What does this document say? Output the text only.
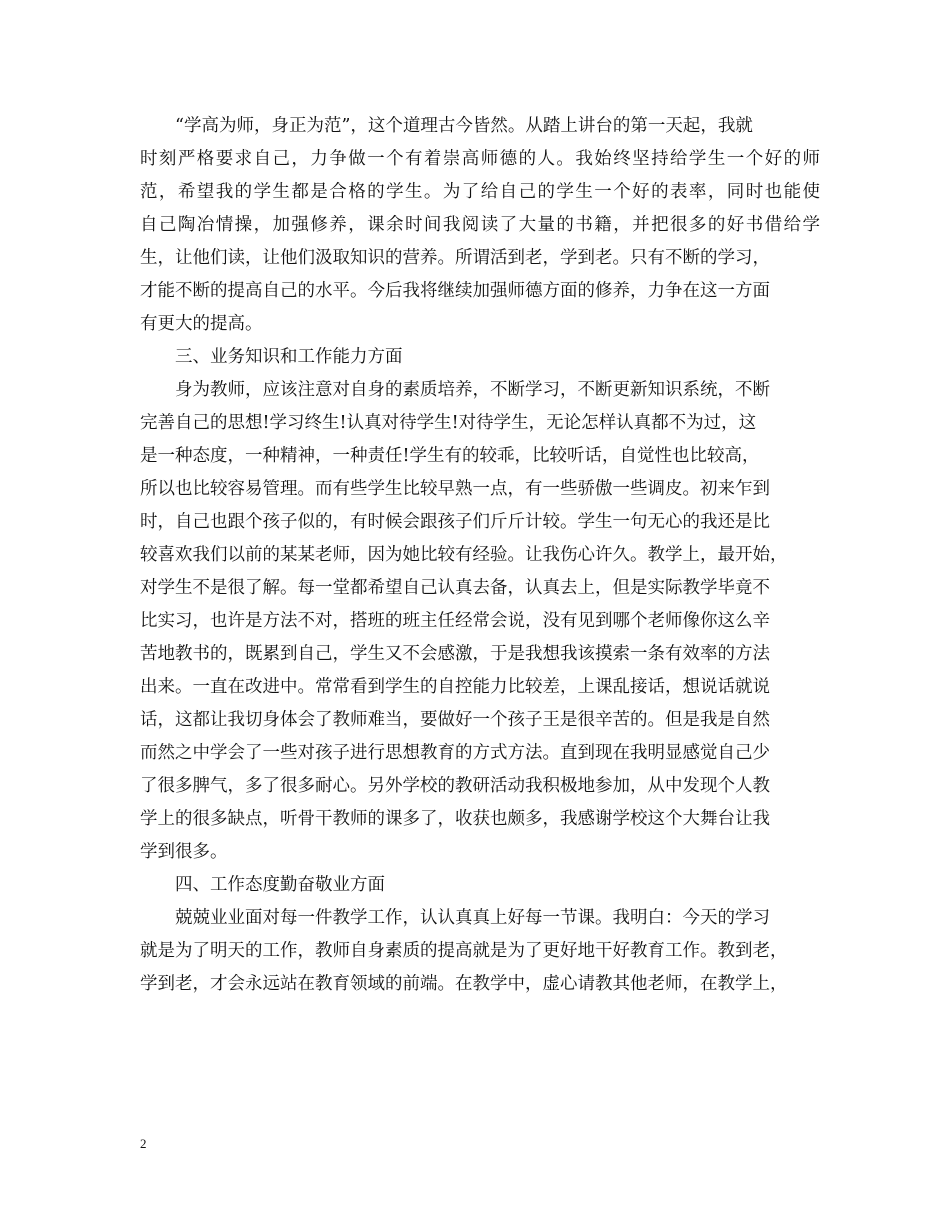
“学高为师，身正为范”，这个道理古今皆然。从踏上讲台的第一天起，我就
时刻严格要求自己，力争做一个有着崇高师德的人。我始终坚持给学生一个好的师
范，希望我的学生都是合格的学生。为了给自己的学生一个好的表率，同时也能使
自己陶冶情操，加强修养，课余时间我阅读了大量的书籍，并把很多的好书借给学
生，让他们读，让他们汲取知识的营养。所谓活到老，学到老。只有不断的学习，
才能不断的提高自己的水平。今后我将继续加强师德方面的修养，力争在这一方面
有更大的提高。
三、业务知识和工作能力方面
身为教师，应该注意对自身的素质培养，不断学习，不断更新知识系统，不断
完善自己的思想!学习终生!认真对待学生!对待学生，无论怎样认真都不为过，这
是一种态度，一种精神，一种责任!学生有的较乖，比较听话，自觉性也比较高，
所以也比较容易管理。而有些学生比较早熟一点，有一些骄傲一些调皮。初来乍到
时，自己也跟个孩子似的，有时候会跟孩子们斤斤计较。学生一句无心的我还是比
较喜欢我们以前的某某老师，因为她比较有经验。让我伤心许久。教学上，最开始，
对学生不是很了解。每一堂都希望自己认真去备，认真去上，但是实际教学毕竟不
比实习，也许是方法不对，搭班的班主任经常会说，没有见到哪个老师像你这么辛
苦地教书的，既累到自己，学生又不会感激，于是我想我该摸索一条有效率的方法
出来。一直在改进中。常常看到学生的自控能力比较差，上课乱接话，想说话就说
话，这都让我切身体会了教师难当，要做好一个孩子王是很辛苦的。但是我是自然
而然之中学会了一些对孩子进行思想教育的方式方法。直到现在我明显感觉自己少
了很多脾气，多了很多耐心。另外学校的教研活动我积极地参加，从中发现个人教
学上的很多缺点，听骨干教师的课多了，收获也颇多，我感谢学校这个大舞台让我
学到很多。
四、工作态度勤奋敬业方面
兢兢业业面对每一件教学工作，认认真真上好每一节课。我明白：今天的学习
就是为了明天的工作，教师自身素质的提高就是为了更好地干好教育工作。教到老，
学到老，才会永远站在教育领域的前端。在教学中，虚心请教其他老师，在教学上，
2
